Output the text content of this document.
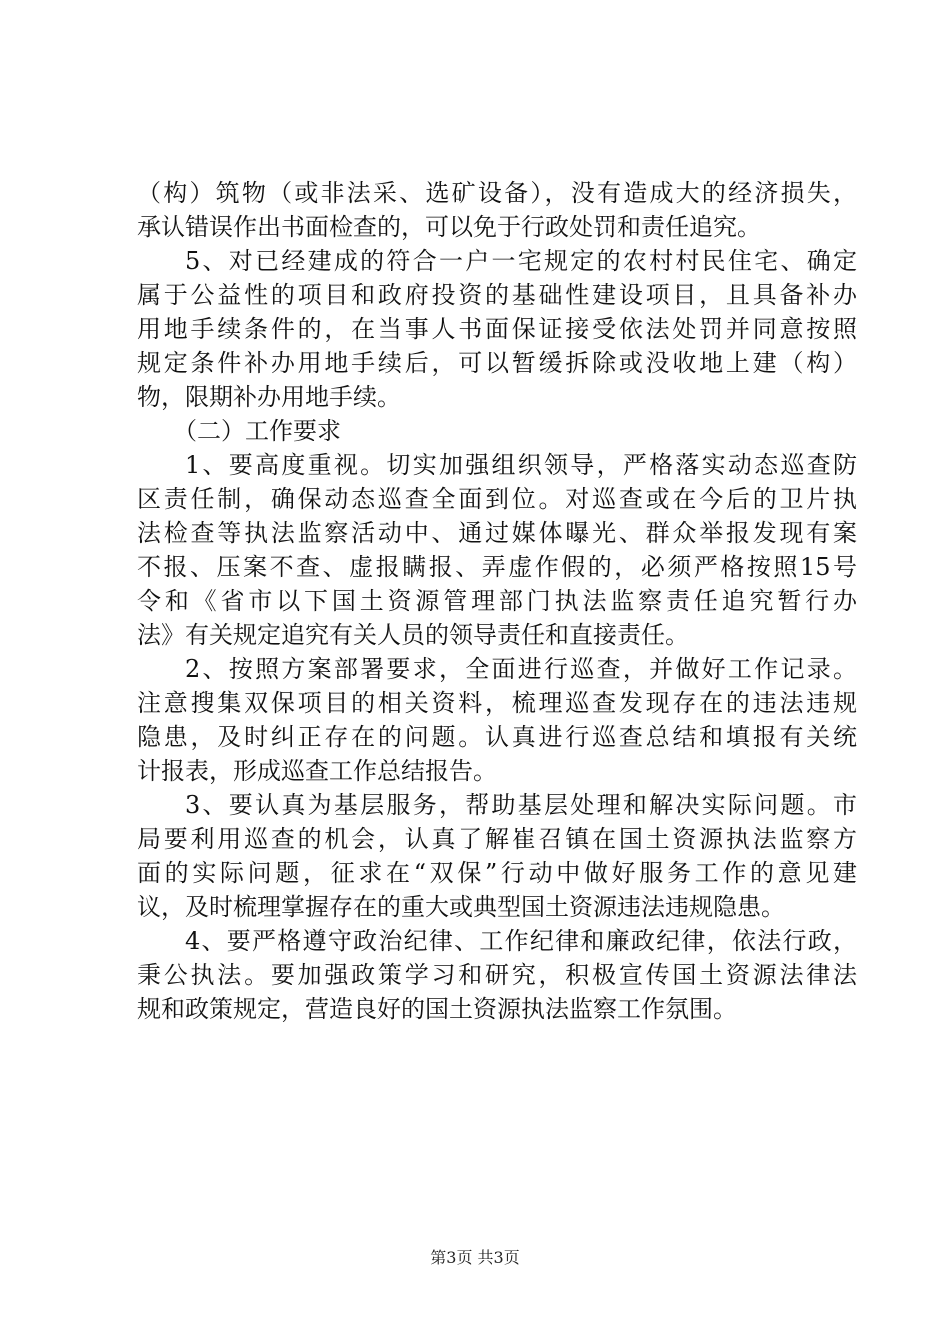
（构）筑物（或非法采、选矿设备），没有造成大的经济损失，
承认错误作出书面检查的，可以免于行政处罚和责任追究。
5、对已经建成的符合一户一宅规定的农村村民住宅、确定
属于公益性的项目和政府投资的基础性建设项目，且具备补办
用地手续条件的，在当事人书面保证接受依法处罚并同意按照
规定条件补办用地手续后，可以暂缓拆除或没收地上建（构）
物，限期补办用地手续。
（二）工作要求
1、要高度重视。切实加强组织领导，严格落实动态巡查防
区责任制，确保动态巡查全面到位。对巡查或在今后的卫片执
法检查等执法监察活动中、通过媒体曝光、群众举报发现有案
不报、压案不查、虚报瞒报、弄虚作假的，必须严格按照15号
令和《省市以下国土资源管理部门执法监察责任追究暂行办
法》有关规定追究有关人员的领导责任和直接责任。
2、按照方案部署要求，全面进行巡查，并做好工作记录。
注意搜集双保项目的相关资料，梳理巡查发现存在的违法违规
隐患，及时纠正存在的问题。认真进行巡查总结和填报有关统
计报表，形成巡查工作总结报告。
3、要认真为基层服务，帮助基层处理和解决实际问题。市
局要利用巡查的机会，认真了解崔召镇在国土资源执法监察方
面的实际问题，征求在“双保”行动中做好服务工作的意见建
议，及时梳理掌握存在的重大或典型国土资源违法违规隐患。
4、要严格遵守政治纪律、工作纪律和廉政纪律，依法行政，
秉公执法。要加强政策学习和研究，积极宣传国土资源法律法
规和政策规定，营造良好的国土资源执法监察工作氛围。
第3页 共3页
